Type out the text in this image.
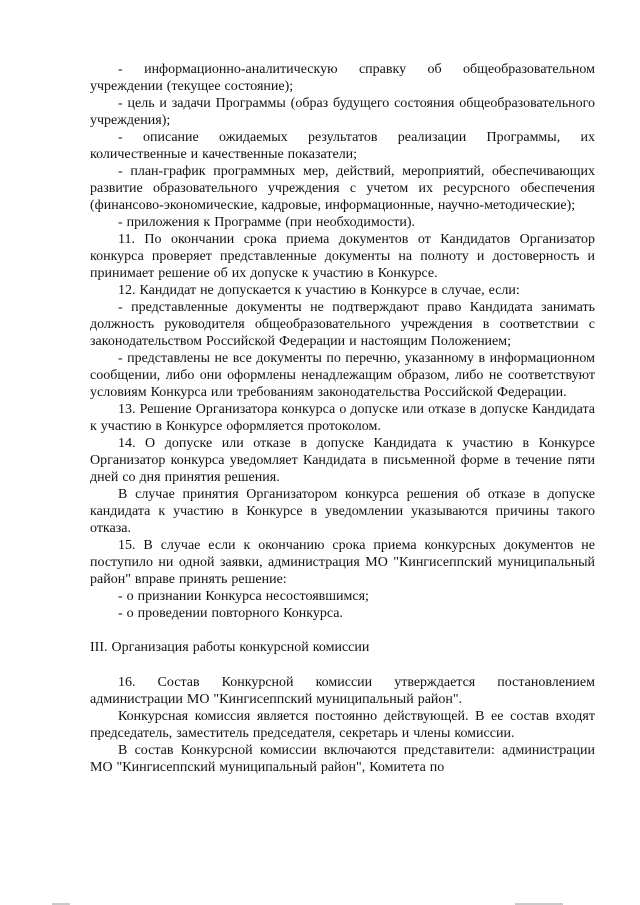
- информационно-аналитическую справку об общеобразовательном учреждении (текущее состояние);

- цель и задачи Программы (образ будущего состояния общеобразовательного учреждения);

- описание ожидаемых результатов реализации Программы, их количественные и качественные показатели;

- план-график программных мер, действий, мероприятий, обеспечивающих развитие образовательного учреждения с учетом их ресурсного обеспечения (финансово-экономические, кадровые, информационные, научно-методические);

- приложения к Программе (при необходимости).

11. По окончании срока приема документов от Кандидатов Организатор конкурса проверяет представленные документы на полноту и достоверность и принимает решение об их допуске к участию в Конкурсе.

12. Кандидат не допускается к участию в Конкурсе в случае, если:

- представленные документы не подтверждают право Кандидата занимать должность руководителя общеобразовательного учреждения в соответствии с законодательством Российской Федерации и настоящим Положением;

- представлены не все документы по перечню, указанному в информационном сообщении, либо они оформлены ненадлежащим образом, либо не соответствуют условиям Конкурса или требованиям законодательства Российской Федерации.

13. Решение Организатора конкурса о допуске или отказе в допуске Кандидата к участию в Конкурсе оформляется протоколом.

14. О допуске или отказе в допуске Кандидата к участию в Конкурсе Организатор конкурса уведомляет Кандидата в письменной форме в течение пяти дней со дня принятия решения.

В случае принятия Организатором конкурса решения об отказе в допуске кандидата к участию в Конкурсе в уведомлении указываются причины такого отказа.

15. В случае если к окончанию срока приема конкурсных документов не поступило ни одной заявки, администрация МО "Кингисеппский муниципальный район" вправе принять решение:

- о признании Конкурса несостоявшимся;

- о проведении повторного Конкурса.

III. Организация работы конкурсной комиссии

16. Состав Конкурсной комиссии утверждается постановлением администрации МО "Кингисеппский муниципальный район".

Конкурсная комиссия является постоянно действующей. В ее состав входят председатель, заместитель председателя, секретарь и члены комиссии.

В состав Конкурсной комиссии включаются представители: администрации МО "Кингисеппский муниципальный район", Комитета по
